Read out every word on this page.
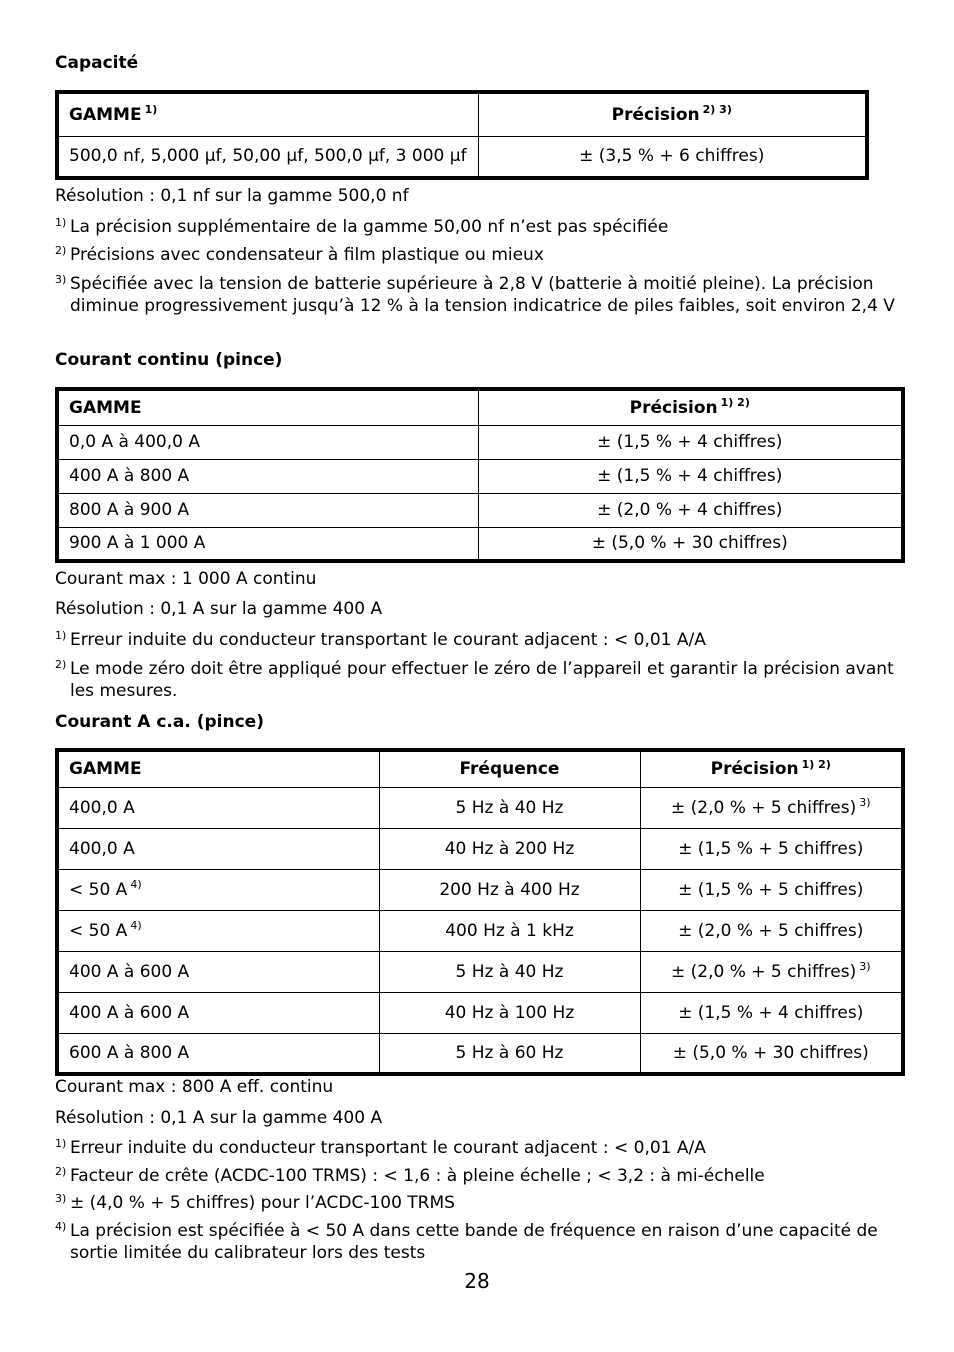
Capacité
GAMME $^{1)}$	Précision $^{2) 3)}$
500,0 nf, 5,000 µf, 50,00 µf, 500,0 µf, 3 000 µf	± (3,5 % + 6 chiffres)
Résolution : 0,1 nf sur la gamme 500,0 nf
1) La précision supplémentaire de la gamme 50,00 nf n’est pas spécifiée
2) Précisions avec condensateur à film plastique ou mieux
3) Spécifiée avec la tension de batterie supérieure à 2,8 V (batterie à moitié pleine). La précision diminue progressivement jusqu’à 12 % à la tension indicatrice de piles faibles, soit environ 2,4 V
Courant continu (pince)
GAMME	Précision $^{1) 2)}$
0,0 A à 400,0 A	± (1,5 % + 4 chiffres)
400 A à 800 A	± (1,5 % + 4 chiffres)
800 A à 900 A	± (2,0 % + 4 chiffres)
900 A à 1 000 A	± (5,0 % + 30 chiffres)
Courant max : 1 000 A continu
Résolution : 0,1 A sur la gamme 400 A
1) Erreur induite du conducteur transportant le courant adjacent : < 0,01 A/A
2) Le mode zéro doit être appliqué pour effectuer le zéro de l’appareil et garantir la précision avant les mesures.
Courant A c.a. (pince)
GAMME	Fréquence	Précision $^{1) 2)}$
400,0 A	5 Hz à 40 Hz	± (2,0 % + 5 chiffres) $^{3)}$
400,0 A	40 Hz à 200 Hz	± (1,5 % + 5 chiffres)
< 50 A $^{4)}$	200 Hz à 400 Hz	± (1,5 % + 5 chiffres)
< 50 A $^{4)}$	400 Hz à 1 kHz	± (2,0 % + 5 chiffres)
400 A à 600 A	5 Hz à 40 Hz	± (2,0 % + 5 chiffres) $^{3)}$
400 A à 600 A	40 Hz à 100 Hz	± (1,5 % + 4 chiffres)
600 A à 800 A	5 Hz à 60 Hz	± (5,0 % + 30 chiffres)
Courant max : 800 A eff. continu
Résolution : 0,1 A sur la gamme 400 A
1) Erreur induite du conducteur transportant le courant adjacent : < 0,01 A/A
2) Facteur de crête (ACDC-100 TRMS) : < 1,6 : à pleine échelle ; < 3,2 : à mi-échelle
3) ± (4,0 % + 5 chiffres) pour l’ACDC-100 TRMS
4) La précision est spécifiée à < 50 A dans cette bande de fréquence en raison d’une capacité de sortie limitée du calibrateur lors des tests
28
